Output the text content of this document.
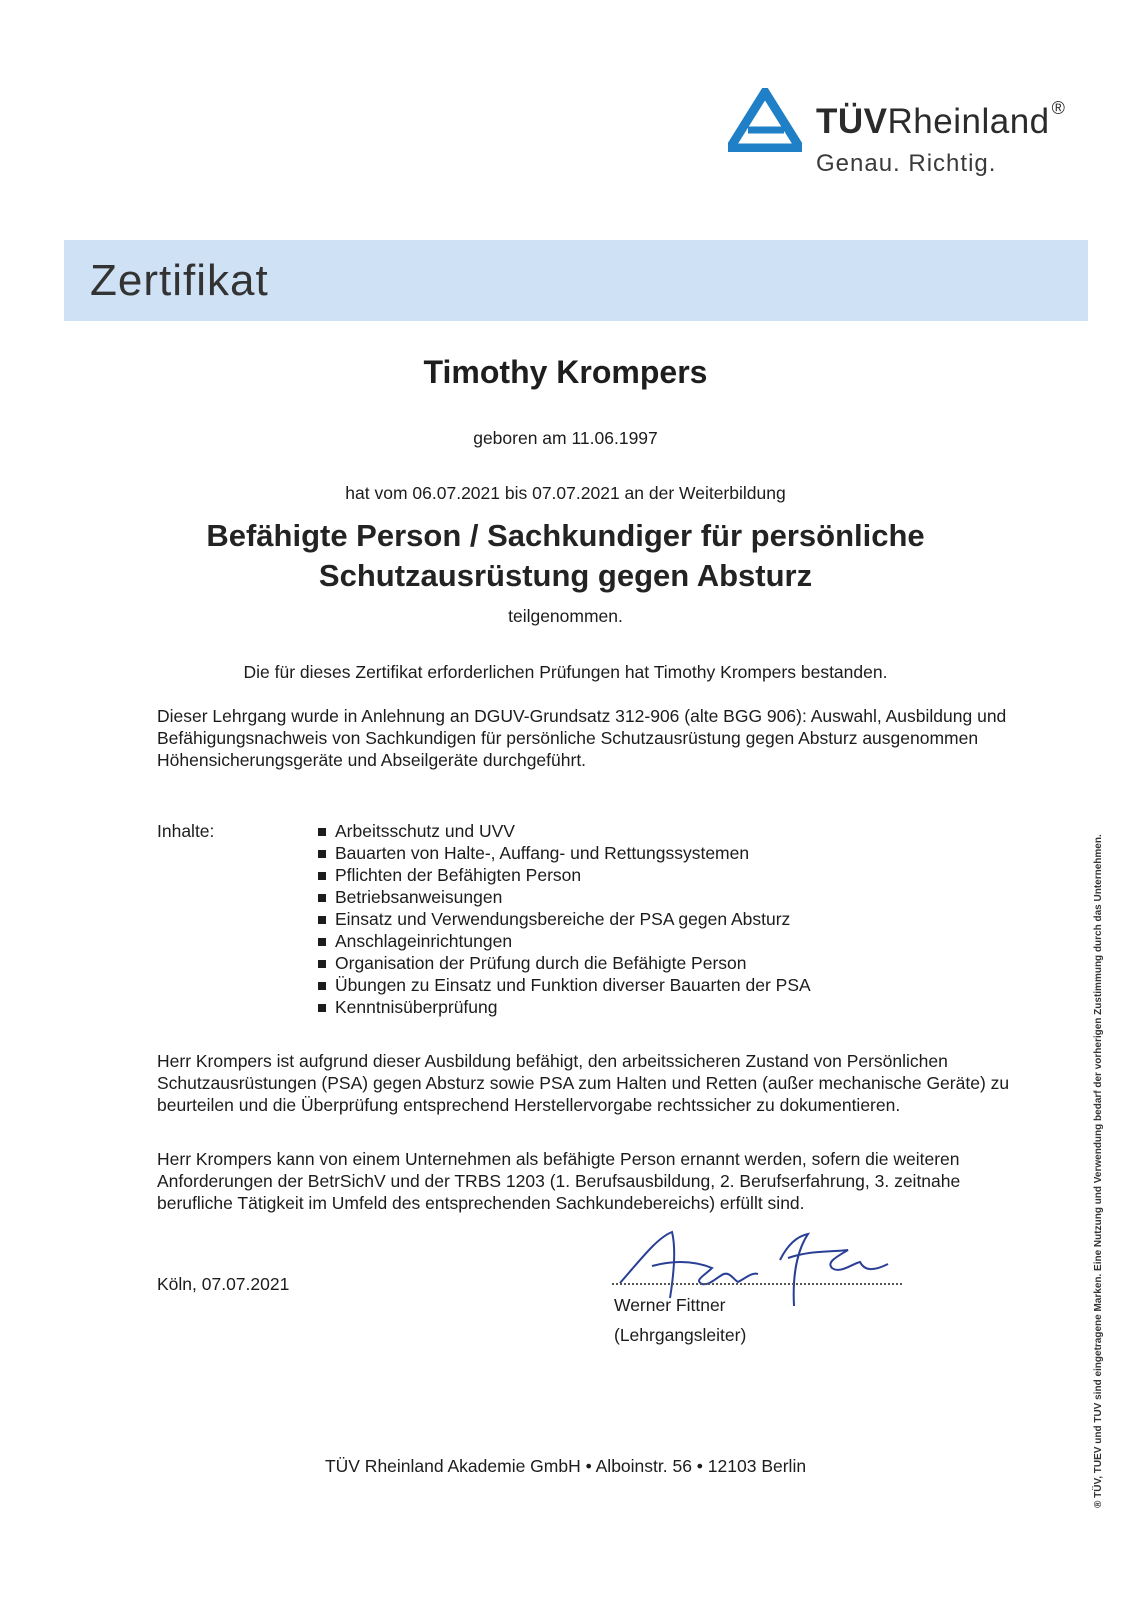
TÜVRheinland ®
Genau. Richtig.
Zertifikat
Timothy Krompers
geboren am 11.06.1997
hat vom 06.07.2021 bis 07.07.2021 an der Weiterbildung
Befähigte Person / Sachkundiger für persönliche
Schutzausrüstung gegen Absturz
teilgenommen.
Die für dieses Zertifikat erforderlichen Prüfungen hat Timothy Krompers bestanden.

Dieser Lehrgang wurde in Anlehnung an DGUV-Grundsatz 312-906 (alte BGG 906): Auswahl, Ausbildung und Befähigungsnachweis von Sachkundigen für persönliche Schutzausrüstung gegen Absturz ausgenommen Höhensicherungsgeräte und Abseilgeräte durchgeführt.

Inhalte:	Arbeitsschutz und UVV
Bauarten von Halte-, Auffang- und Rettungssystemen
Pflichten der Befähigten Person
Betriebsanweisungen
Einsatz und Verwendungsbereiche der PSA gegen Absturz
Anschlageinrichtungen
Organisation der Prüfung durch die Befähigte Person
Übungen zu Einsatz und Funktion diverser Bauarten der PSA
Kenntnisüberprüfung

Herr Krompers ist aufgrund dieser Ausbildung befähigt, den arbeitssicheren Zustand von Persönlichen Schutzausrüstungen (PSA) gegen Absturz sowie PSA zum Halten und Retten (außer mechanische Geräte) zu beurteilen und die Überprüfung entsprechend Herstellervorgabe rechtssicher zu dokumentieren.

Herr Krompers kann von einem Unternehmen als befähigte Person ernannt werden, sofern die weiteren Anforderungen der BetrSichV und der TRBS 1203 (1. Berufsausbildung, 2. Berufserfahrung, 3. zeitnahe berufliche Tätigkeit im Umfeld des entsprechenden Sachkundebereichs) erfüllt sind.

Köln, 07.07.2021
Werner Fittner
(Lehrgangsleiter)
TÜV Rheinland Akademie GmbH • Alboinstr. 56 • 12103 Berlin	® TÜV, TUEV und TUV sind eingetragene Marken. Eine Nutzung und Verwendung bedarf der vorherigen Zustimmung durch das Unternehmen.
